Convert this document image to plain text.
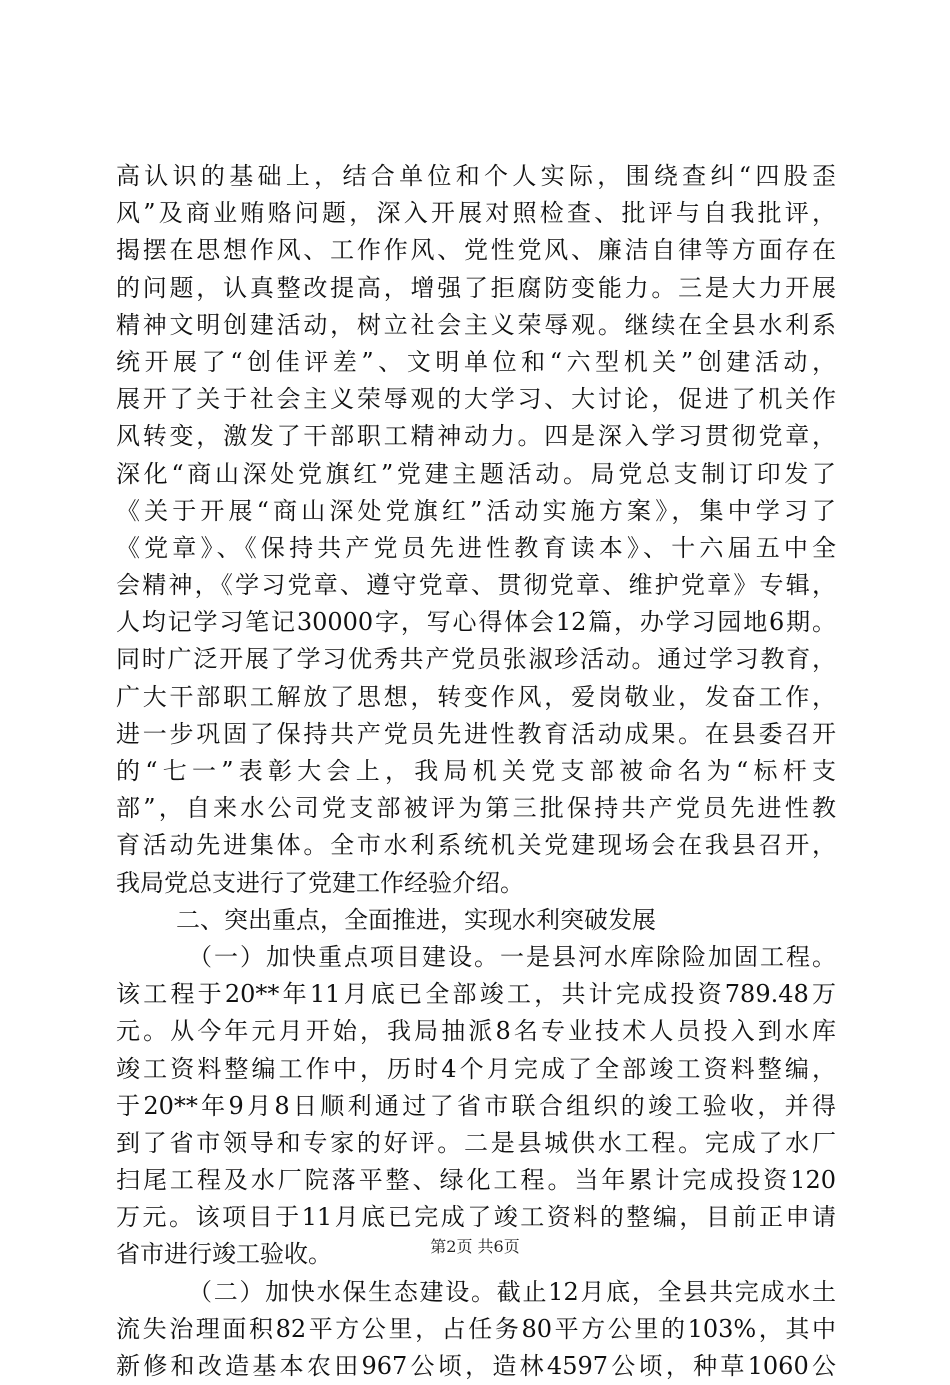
高认识的基础上，结合单位和个人实际，围绕查纠“四股歪
风”及商业贿赂问题，深入开展对照检查、批评与自我批评，
揭摆在思想作风、工作作风、党性党风、廉洁自律等方面存在
的问题，认真整改提高，增强了拒腐防变能力。三是大力开展
精神文明创建活动，树立社会主义荣辱观。继续在全县水利系
统开展了“创佳评差”、文明单位和“六型机关”创建活动，
展开了关于社会主义荣辱观的大学习、大讨论，促进了机关作
风转变，激发了干部职工精神动力。四是深入学习贯彻党章，
深化“商山深处党旗红”党建主题活动。局党总支制订印发了
《关于开展“商山深处党旗红”活动实施方案》，集中学习了
《党章》、《保持共产党员先进性教育读本》、十六届五中全
会精神，《学习党章、遵守党章、贯彻党章、维护党章》专辑，
人均记学习笔记30000字，写心得体会12篇，办学习园地6期。
同时广泛开展了学习优秀共产党员张淑珍活动。通过学习教育，
广大干部职工解放了思想，转变作风，爱岗敬业，发奋工作，
进一步巩固了保持共产党员先进性教育活动成果。在县委召开
的“七一”表彰大会上，我局机关党支部被命名为“标杆支
部”，自来水公司党支部被评为第三批保持共产党员先进性教
育活动先进集体。全市水利系统机关党建现场会在我县召开，
我局党总支进行了党建工作经验介绍。
二、突出重点，全面推进，实现水利突破发展
（一）加快重点项目建设。一是县河水库除险加固工程。
该工程于20**年11月底已全部竣工，共计完成投资789.48万
元。从今年元月开始，我局抽派8名专业技术人员投入到水库
竣工资料整编工作中，历时4个月完成了全部竣工资料整编，
于20**年9月8日顺利通过了省市联合组织的竣工验收，并得
到了省市领导和专家的好评。二是县城供水工程。完成了水厂
扫尾工程及水厂院落平整、绿化工程。当年累计完成投资120
万元。该项目于11月底已完成了竣工资料的整编，目前正申请
省市进行竣工验收。
（二）加快水保生态建设。截止12月底，全县共完成水土
流失治理面积82平方公里，占任务80平方公里的103%，其中
新修和改造基本农田967公顷，造林4597公顷，种草1060公
第2页 共6页
